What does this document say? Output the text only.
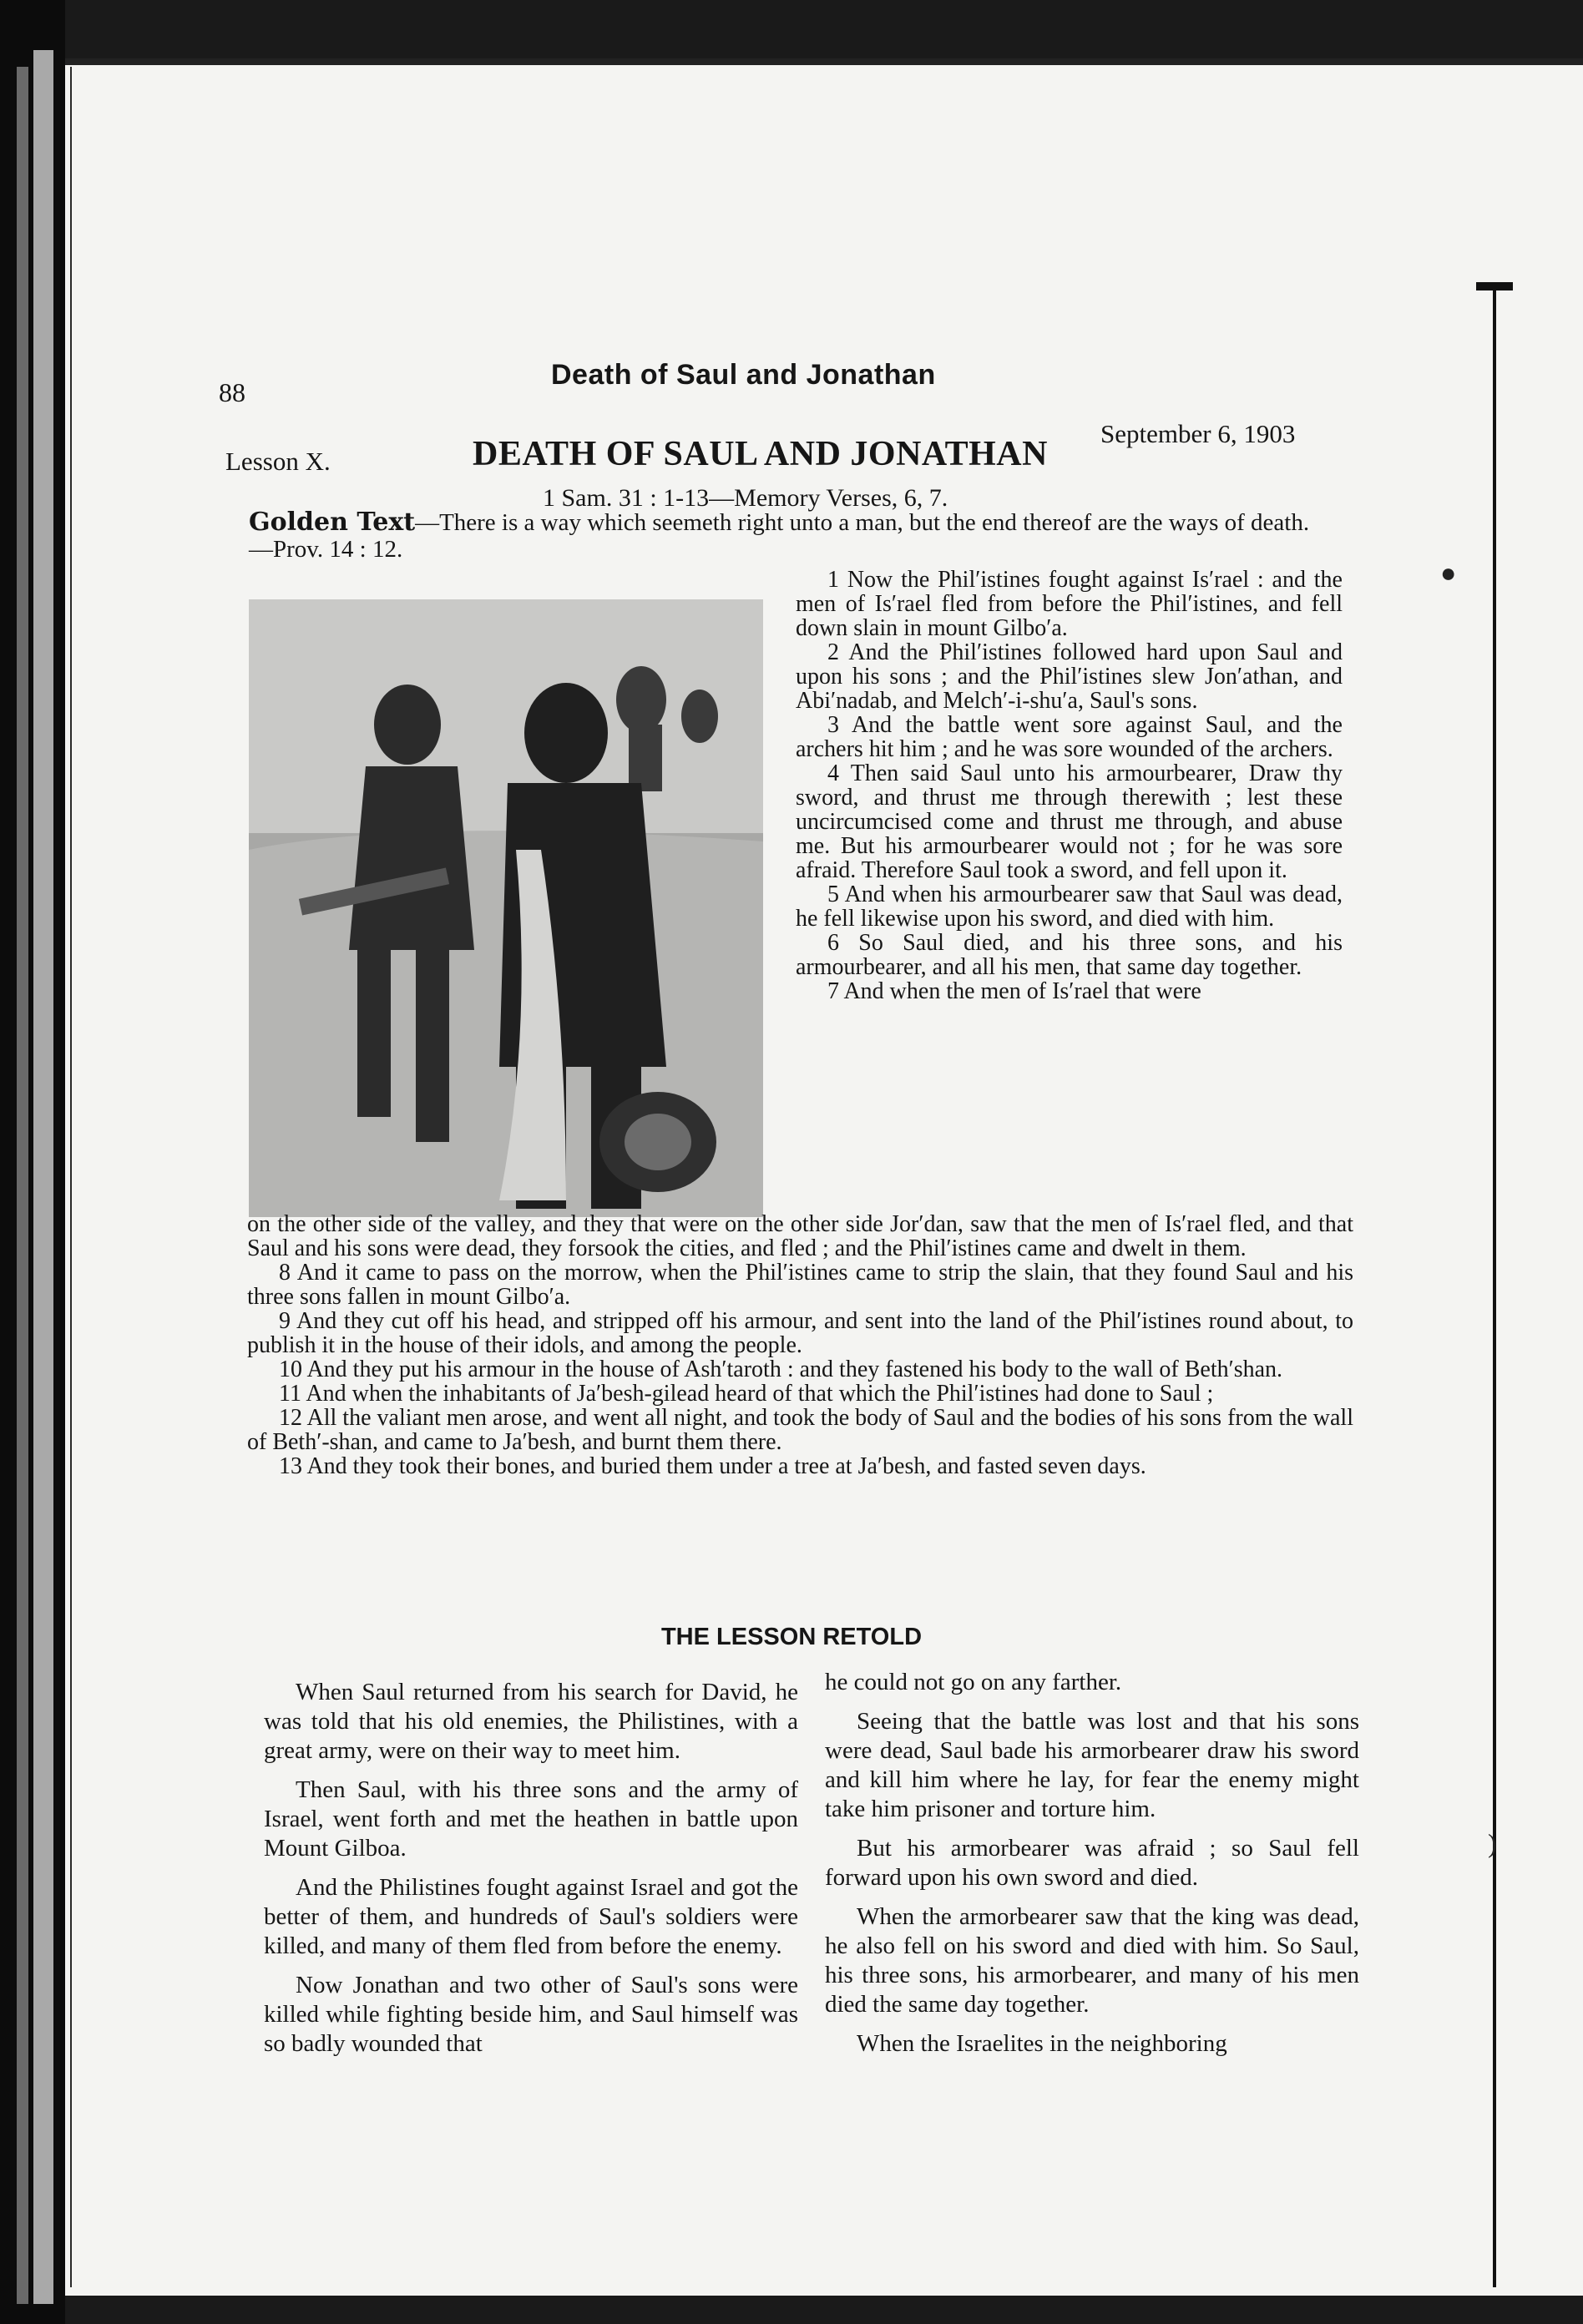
●
)
88
Death of Saul and Jonathan
Lesson X.	DEATH OF SAUL AND JONATHAN
September 6, 1903
1 Sam. 31 : 1-13—Memory Verses, 6, 7.
Golden Text—There is a way which seemeth right unto a man, but the end thereof are the ways of death.—Prov. 14 : 12.

1 Now the Phil′istines fought against Is′rael : and the men of Is′rael fled from before the Phil′istines, and fell down slain in mount Gilbo′a.

2 And the Phil′istines followed hard upon Saul and upon his sons ; and the Phil′istines slew Jon′athan, and Abi′nadab, and Melch′-i-shu′a, Saul's sons.

3 And the battle went sore against Saul, and the archers hit him ; and he was sore wounded of the archers.

4 Then said Saul unto his armourbearer, Draw thy sword, and thrust me through therewith ; lest these uncircumcised come and thrust me through, and abuse me. But his armourbearer would not ; for he was sore afraid. Therefore Saul took a sword, and fell upon it.

5 And when his armourbearer saw that Saul was dead, he fell likewise upon his sword, and died with him.

6 So Saul died, and his three sons, and his armourbearer, and all his men, that same day together.

7 And when the men of Is′rael that were

on the other side of the valley, and they that were on the other side Jor′dan, saw that the men of Is′rael fled, and that Saul and his sons were dead, they forsook the cities, and fled ; and the Phil′istines came and dwelt in them.

8 And it came to pass on the morrow, when the Phil′istines came to strip the slain, that they found Saul and his three sons fallen in mount Gilbo′a.

9 And they cut off his head, and stripped off his armour, and sent into the land of the Phil′istines round about, to publish it in the house of their idols, and among the people.

10 And they put his armour in the house of Ash′taroth : and they fastened his body to the wall of Beth′shan.

11 And when the inhabitants of Ja′besh-gilead heard of that which the Phil′istines had done to Saul ;

12 All the valiant men arose, and went all night, and took the body of Saul and the bodies of his sons from the wall of Beth′-shan, and came to Ja′besh, and burnt them there.

13 And they took their bones, and buried them under a tree at Ja′besh, and fasted seven days.

THE LESSON RETOLD

When Saul returned from his search for David, he was told that his old enemies, the Philistines, with a great army, were on their way to meet him.

Then Saul, with his three sons and the army of Israel, went forth and met the heathen in battle upon Mount Gilboa.

And the Philistines fought against Israel and got the better of them, and hundreds of Saul's soldiers were killed, and many of them fled from before the enemy.

Now Jonathan and two other of Saul's sons were killed while fighting beside him, and Saul himself was so badly wounded that

he could not go on any farther.

Seeing that the battle was lost and that his sons were dead, Saul bade his armorbearer draw his sword and kill him where he lay, for fear the enemy might take him prisoner and torture him.

But his armorbearer was afraid ; so Saul fell forward upon his own sword and died.

When the armorbearer saw that the king was dead, he also fell on his sword and died with him. So Saul, his three sons, his armorbearer, and many of his men died the same day together.

When the Israelites in the neighboring
